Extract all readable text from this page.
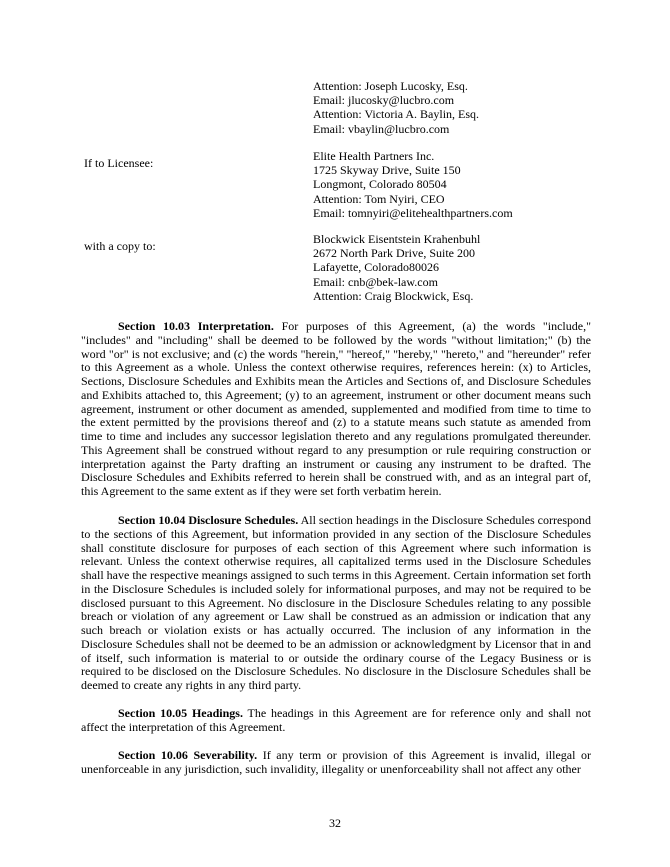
Attention: Joseph Lucosky, Esq.
Email: jlucosky@lucbro.com
Attention: Victoria A. Baylin, Esq.
Email: vbaylin@lucbro.com
If to Licensee:	Elite Health Partners Inc.
1725 Skyway Drive, Suite 150
Longmont, Colorado 80504
Attention: Tom Nyiri, CEO
Email: tomnyiri@elitehealthpartners.com
with a copy to:	Blockwick Eisentstein Krahenbuhl
2672 North Park Drive, Suite 200
Lafayette, Colorado80026
Email: cnb@bek-law.com
Attention: Craig Blockwick, Esq.

Section 10.03 Interpretation. For purposes of this Agreement, (a) the words "include," "includes" and "including" shall be deemed to be followed by the words "without limitation;" (b) the word "or" is not exclusive; and (c) the words "herein," "hereof," "hereby," "hereto," and "hereunder" refer to this Agreement as a whole. Unless the context otherwise requires, references herein: (x) to Articles, Sections, Disclosure Schedules and Exhibits mean the Articles and Sections of, and Disclosure Schedules and Exhibits attached to, this Agreement; (y) to an agreement, instrument or other document means such agreement, instrument or other document as amended, supplemented and modified from time to time to the extent permitted by the provisions thereof and (z) to a statute means such statute as amended from time to time and includes any successor legislation thereto and any regulations promulgated thereunder. This Agreement shall be construed without regard to any presumption or rule requiring construction or interpretation against the Party drafting an instrument or causing any instrument to be drafted. The Disclosure Schedules and Exhibits referred to herein shall be construed with, and as an integral part of, this Agreement to the same extent as if they were set forth verbatim herein.

Section 10.04 Disclosure Schedules. All section headings in the Disclosure Schedules correspond to the sections of this Agreement, but information provided in any section of the Disclosure Schedules shall constitute disclosure for purposes of each section of this Agreement where such information is relevant. Unless the context otherwise requires, all capitalized terms used in the Disclosure Schedules shall have the respective meanings assigned to such terms in this Agreement. Certain information set forth in the Disclosure Schedules is included solely for informational purposes, and may not be required to be disclosed pursuant to this Agreement. No disclosure in the Disclosure Schedules relating to any possible breach or violation of any agreement or Law shall be construed as an admission or indication that any such breach or violation exists or has actually occurred. The inclusion of any information in the Disclosure Schedules shall not be deemed to be an admission or acknowledgment by Licensor that in and of itself, such information is material to or outside the ordinary course of the Legacy Business or is required to be disclosed on the Disclosure Schedules. No disclosure in the Disclosure Schedules shall be deemed to create any rights in any third party.

Section 10.05 Headings. The headings in this Agreement are for reference only and shall not affect the interpretation of this Agreement.

Section 10.06 Severability. If any term or provision of this Agreement is invalid, illegal or unenforceable in any jurisdiction, such invalidity, illegality or unenforceability shall not affect any other

32
